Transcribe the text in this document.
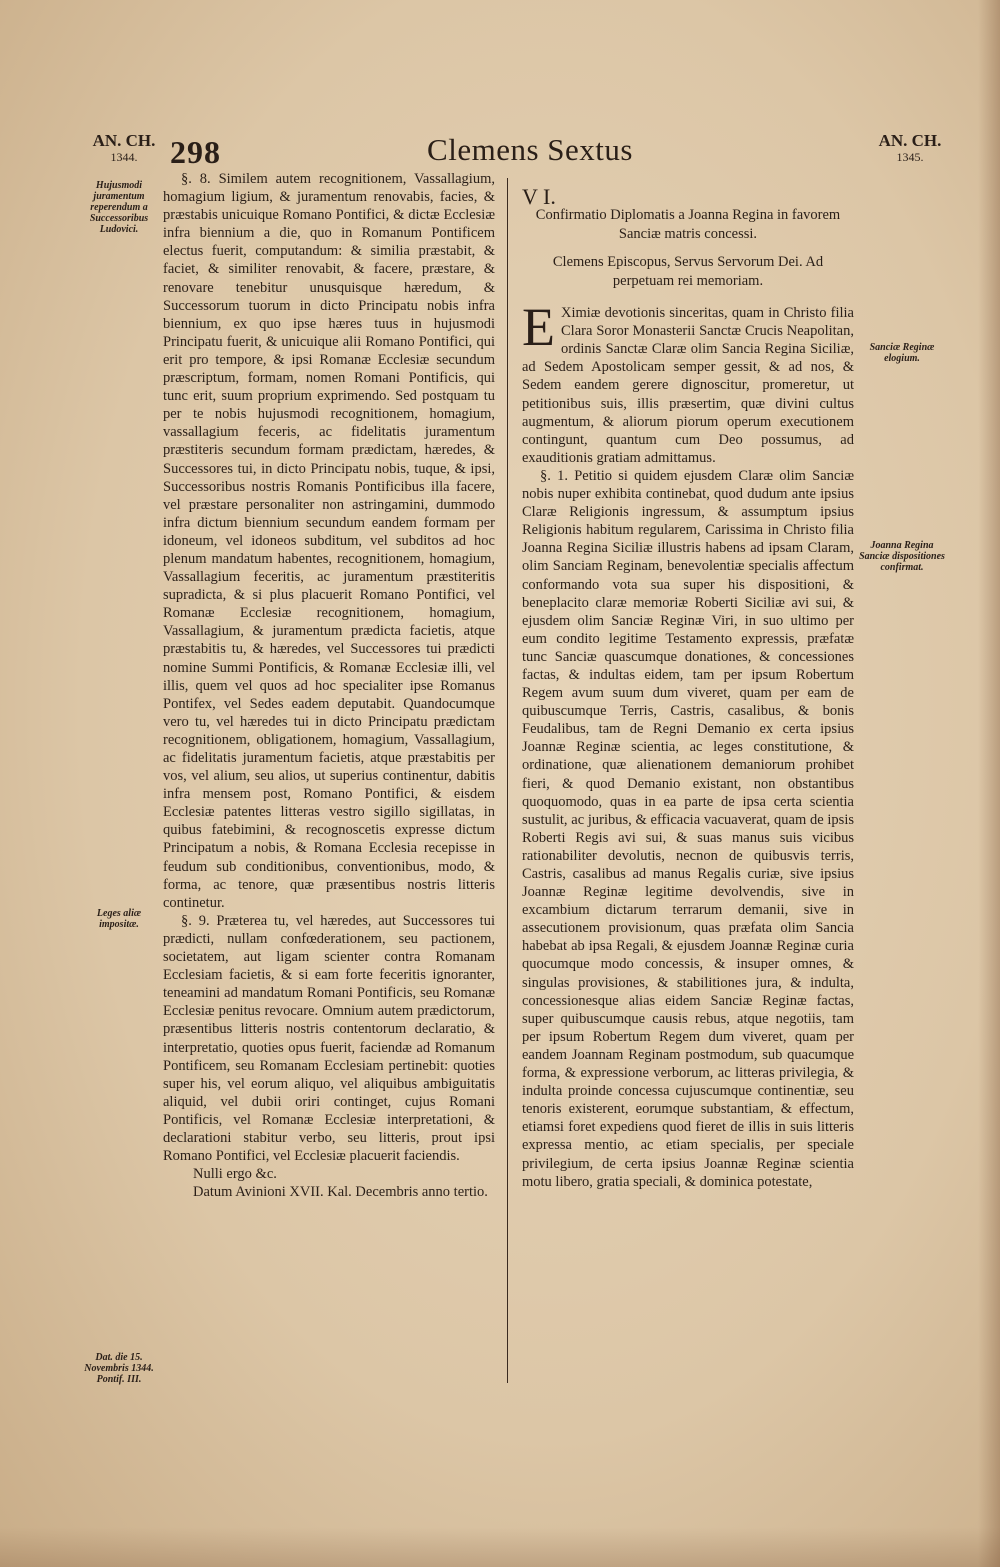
AN. CH.
1344.	298	Clemens Sextus	AN. CH.
1345.
Hujusmodi juramentum reperendum a Successoribus Ludovici.
Leges aliæ impositæ.
Dat. die 15. Novembris 1344. Pontif. III.
Sanciæ Reginæ elogium.
Joanna Regina Sanciæ dispositiones confirmat.

§. 8. Similem autem recognitionem, Vassallagium, homagium ligium, & juramentum renovabis, facies, & præstabis unicuique Romano Pontifici, & dictæ Ecclesiæ infra biennium a die, quo in Romanum Pontificem electus fuerit, computandum: & similia præstabit, & faciet, & similiter renovabit, & facere, præstare, & renovare tenebitur unusquisque hæredum, & Successorum tuorum in dicto Principatu nobis infra biennium, ex quo ipse hæres tuus in hujusmodi Principatu fuerit, & unicuique alii Romano Pontifici, qui erit pro tempore, & ipsi Romanæ Ecclesiæ secundum præscriptum, formam, nomen Romani Pontificis, qui tunc erit, suum proprium exprimendo. Sed postquam tu per te nobis hujusmodi recognitionem, homagium, vassallagium feceris, ac fidelitatis juramentum præstiteris secundum formam prædictam, hæredes, & Successores tui, in dicto Principatu nobis, tuque, & ipsi, Successoribus nostris Romanis Pontificibus illa facere, vel præstare personaliter non astringamini, dummodo infra dictum biennium secundum eandem formam per idoneum, vel idoneos subditum, vel subditos ad hoc plenum mandatum habentes, recognitionem, homagium, Vassallagium feceritis, ac juramentum præstiteritis supradicta, & si plus placuerit Romano Pontifici, vel Romanæ Ecclesiæ recognitionem, homagium, Vassallagium, & juramentum prædicta facietis, atque præstabitis tu, & hæredes, vel Successores tui prædicti nomine Summi Pontificis, & Romanæ Ecclesiæ illi, vel illis, quem vel quos ad hoc specialiter ipse Romanus Pontifex, vel Sedes eadem deputabit. Quandocumque vero tu, vel hæredes tui in dicto Principatu prædictam recognitionem, obligationem, homagium, Vassallagium, ac fidelitatis juramentum facietis, atque præstabitis per vos, vel alium, seu alios, ut superius continentur, dabitis infra mensem post, Romano Pontifici, & eisdem Ecclesiæ patentes litteras vestro sigillo sigillatas, in quibus fatebimini, & recognoscetis expresse dictum Principatum a nobis, & Romana Ecclesia recepisse in feudum sub conditionibus, conventionibus, modo, & forma, ac tenore, quæ præsentibus nostris litteris continetur.

§. 9. Præterea tu, vel hæredes, aut Successores tui prædicti, nullam confœderationem, seu pactionem, societatem, aut ligam scienter contra Romanam Ecclesiam facietis, & si eam forte feceritis ignoranter, teneamini ad mandatum Romani Pontificis, seu Romanæ Ecclesiæ penitus revocare. Omnium autem prædictorum, præsentibus litteris nostris contentorum declaratio, & interpretatio, quoties opus fuerit, faciendæ ad Romanum Pontificem, seu Romanam Ecclesiam pertinebit: quoties super his, vel eorum aliquo, vel aliquibus ambiguitatis aliquid, vel dubii oriri continget, cujus Romani Pontificis, vel Romanæ Ecclesiæ interpretationi, & declarationi stabitur verbo, seu litteris, prout ipsi Romano Pontifici, vel Ecclesiæ placuerit faciendis.

Nulli ergo &c.

Datum Avinioni XVII. Kal. Decembris anno tertio.

V I.

Confirmatio Diplomatis a Joanna Regina in favorem Sanciæ matris concessi.

Clemens Episcopus, Servus Servorum Dei. Ad perpetuam rei memoriam.

E Ximiæ devotionis sinceritas, quam in Christo filia Clara Soror Monasterii Sanctæ Crucis Neapolitan, ordinis Sanctæ Claræ olim Sancia Regina Siciliæ, ad Sedem Apostolicam semper gessit, & ad nos, & Sedem eandem gerere dignoscitur, promeretur, ut petitionibus suis, illis præsertim, quæ divini cultus augmentum, & aliorum piorum operum executionem contingunt, quantum cum Deo possumus, ad exauditionis gratiam admittamus.

§. 1. Petitio si quidem ejusdem Claræ olim Sanciæ nobis nuper exhibita continebat, quod dudum ante ipsius Claræ Religionis ingressum, & assumptum ipsius Religionis habitum regularem, Carissima in Christo filia Joanna Regina Siciliæ illustris habens ad ipsam Claram, olim Sanciam Reginam, benevolentiæ specialis affectum conformando vota sua super his dispositioni, & beneplacito claræ memoriæ Roberti Siciliæ avi sui, & ejusdem olim Sanciæ Reginæ Viri, in suo ultimo per eum condito legitime Testamento expressis, præfatæ tunc Sanciæ quascumque donationes, & concessiones factas, & indultas eidem, tam per ipsum Robertum Regem avum suum dum viveret, quam per eam de quibuscumque Terris, Castris, casalibus, & bonis Feudalibus, tam de Regni Demanio ex certa ipsius Joannæ Reginæ scientia, ac leges constitutione, & ordinatione, quæ alienationem demaniorum prohibet fieri, & quod Demanio existant, non obstantibus quoquomodo, quas in ea parte de ipsa certa scientia sustulit, ac juribus, & efficacia vacuaverat, quam de ipsis Roberti Regis avi sui, & suas manus suis vicibus rationabiliter devolutis, necnon de quibusvis terris, Castris, casalibus ad manus Regalis curiæ, sive ipsius Joannæ Reginæ legitime devolvendis, sive in excambium dictarum terrarum demanii, sive in assecutionem provisionum, quas præfata olim Sancia habebat ab ipsa Regali, & ejusdem Joannæ Reginæ curia quocumque modo concessis, & insuper omnes, & singulas provisiones, & stabilitiones jura, & indulta, concessionesque alias eidem Sanciæ Reginæ factas, super quibuscumque causis rebus, atque negotiis, tam per ipsum Robertum Regem dum viveret, quam per eandem Joannam Reginam postmodum, sub quacumque forma, & expressione verborum, ac litteras privilegia, & indulta proinde concessa cujuscumque continentiæ, seu tenoris existerent, eorumque substantiam, & effectum, etiamsi foret expediens quod fieret de illis in suis litteris expressa mentio, ac etiam specialis, per speciale privilegium, de certa ipsius Joannæ Reginæ scientia motu libero, gratia speciali, & dominica potestate,
